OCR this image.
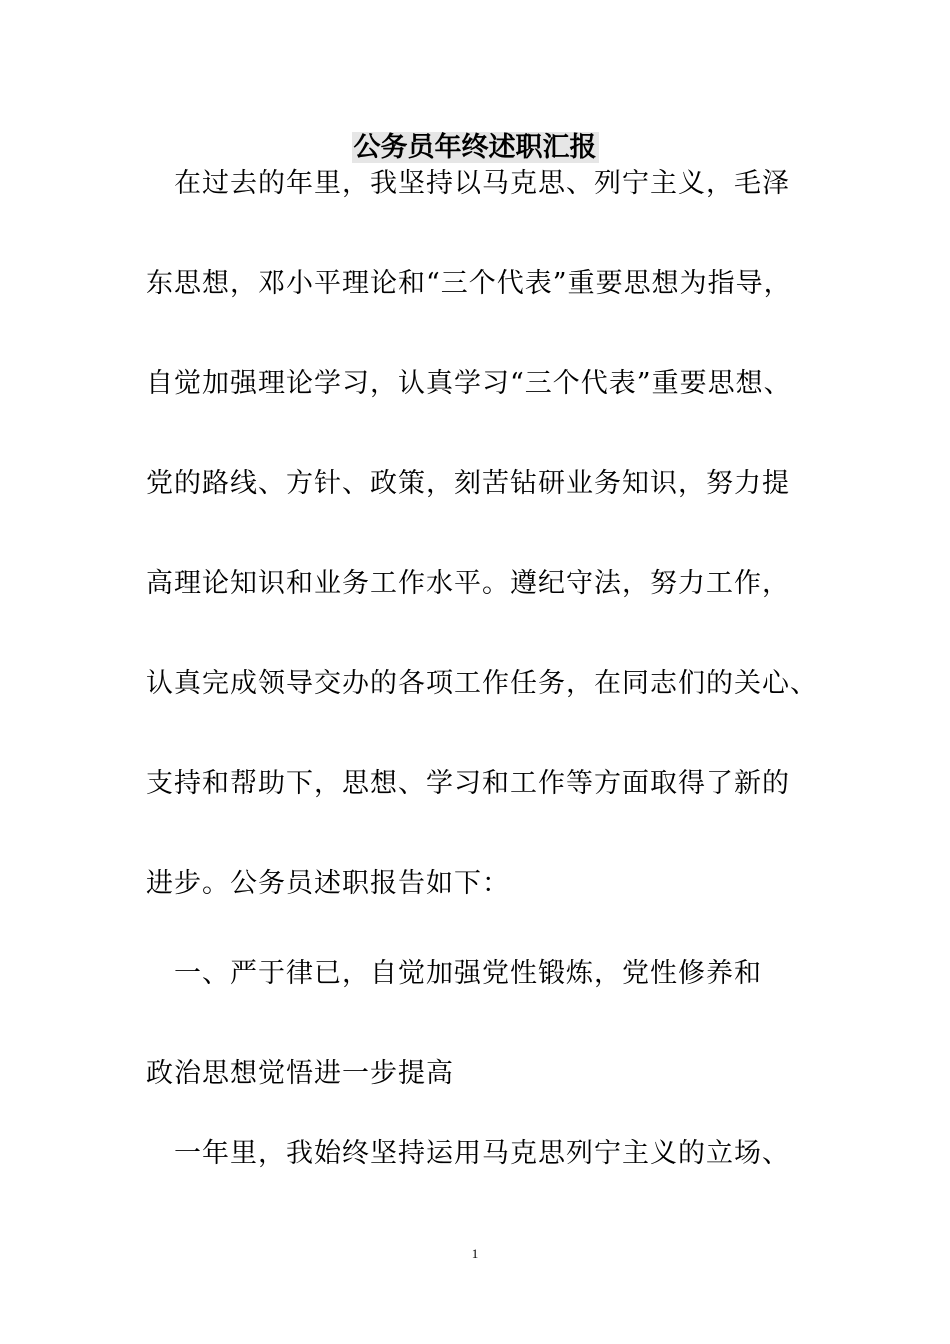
公务员年终述职汇报
　在过去的年里，我坚持以马克思、列宁主义，毛泽
东思想，邓小平理论和“三个代表”重要思想为指导，
自觉加强理论学习，认真学习“三个代表”重要思想、
党的路线、方针、政策，刻苦钻研业务知识，努力提
高理论知识和业务工作水平。遵纪守法，努力工作，
认真完成领导交办的各项工作任务，在同志们的关心、
支持和帮助下，思想、学习和工作等方面取得了新的
进步。公务员述职报告如下：
　一、严于律已，自觉加强党性锻炼，党性修养和
政治思想觉悟进一步提高
　一年里，我始终坚持运用马克思列宁主义的立场、
1
